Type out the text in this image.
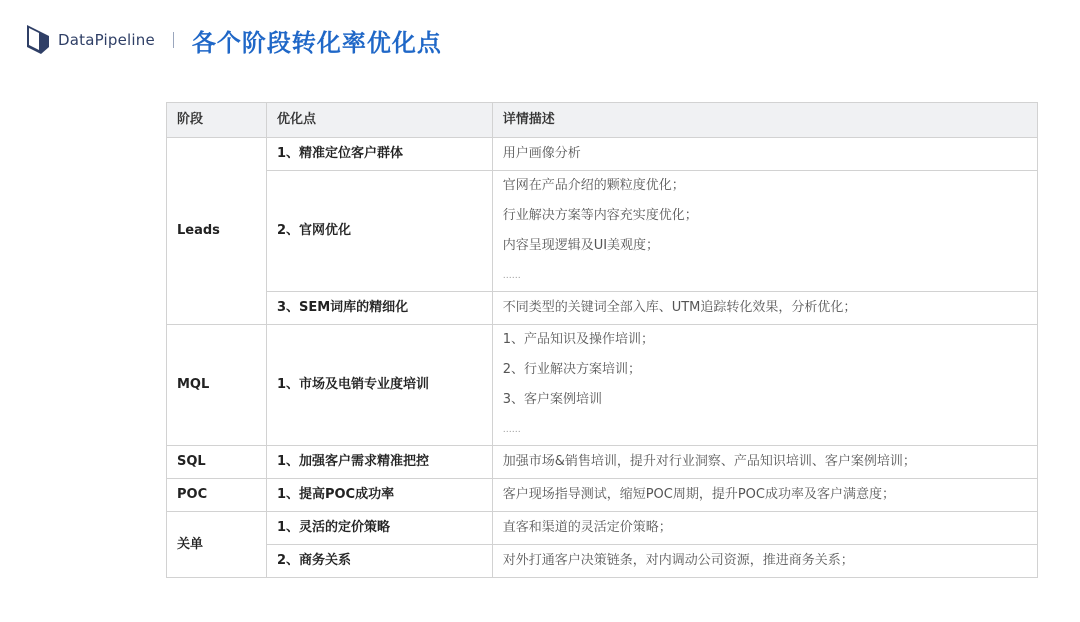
DataPipeline 各个阶段转化率优化点
阶段	优化点	详情描述
Leads	1、精准定位客户群体	用户画像分析

	2、官网优化	官网在产品介绍的颗粒度优化；
行业解决方案等内容充实度优化；
内容呈现逻辑及UI美观度；
……

	3、SEM词库的精细化	不同类型的关键词全部入库、UTM追踪转化效果，分析优化；

MQL	1、市场及电销专业度培训	1、产品知识及操作培训；
2、行业解决方案培训；
3、客户案例培训
……

SQL	1、加强客户需求精准把控	加强市场&销售培训，提升对行业洞察、产品知识培训、客户案例培训；

POC	1、提高POC成功率	客户现场指导测试，缩短POC周期，提升POC成功率及客户满意度；

关单	1、灵活的定价策略	直客和渠道的灵活定价策略；

	2、商务关系	对外打通客户决策链条，对内调动公司资源，推进商务关系；
